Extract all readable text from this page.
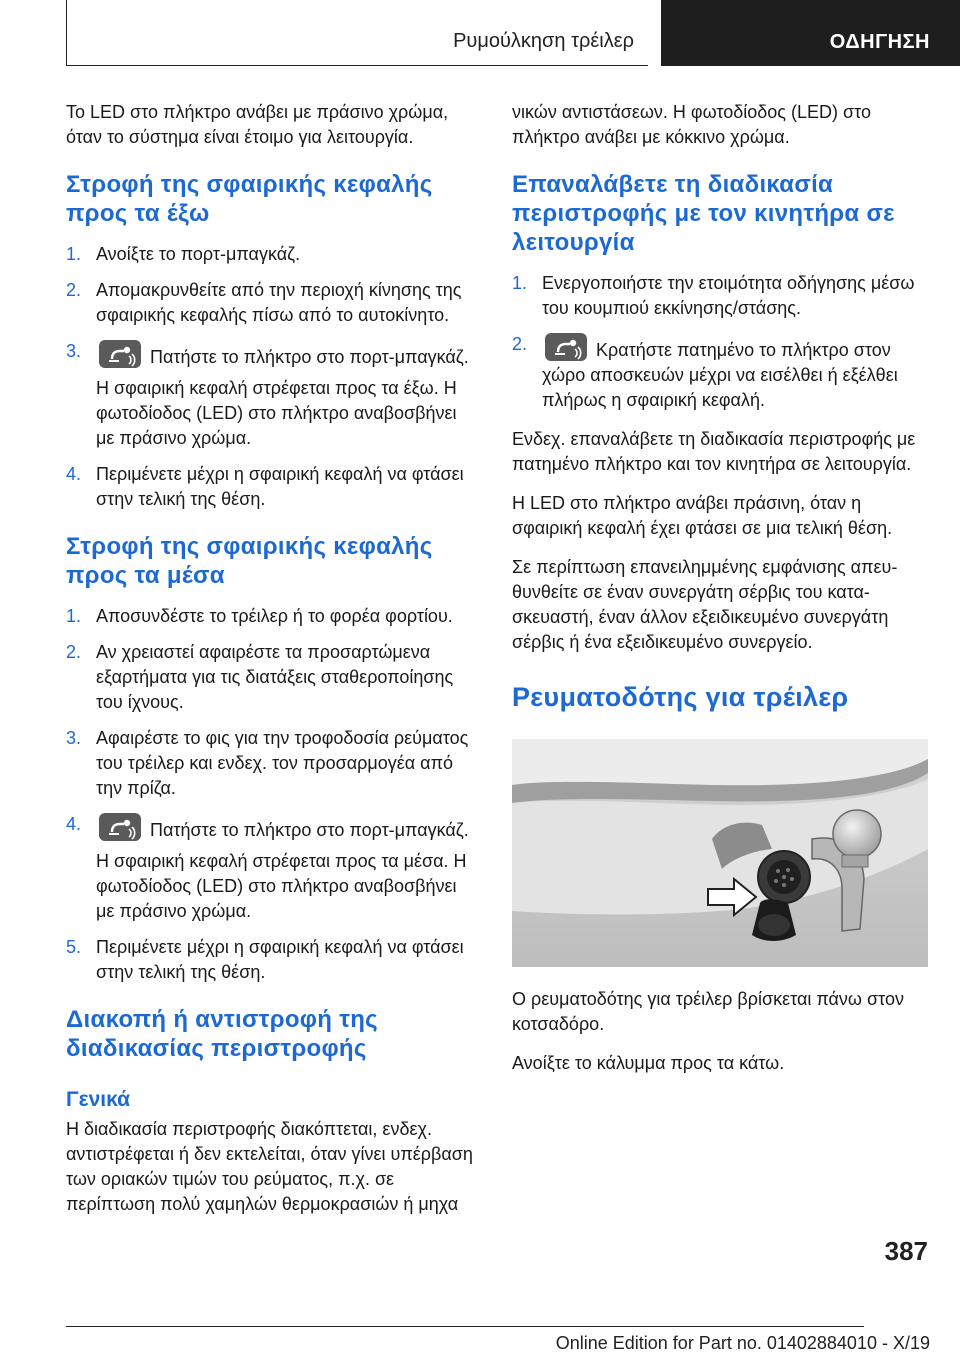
Ρυμούλκηση τρέιλερ	ΟΔΗΓΗΣΗ

Το LED στο πλήκτρο ανάβει με πράσινο χρώμα, όταν το σύστημα είναι έτοιμο για λειτουργία.

Στροφή της σφαιρικής κεφαλής προς τα έξω
1. Ανοίξτε το πορτ-μπαγκάζ.
2. Απομακρυνθείτε από την περιοχή κίνησης της σφαιρικής κεφαλής πίσω από το αυτοκίνητο.
3.	Πατήστε το πλήκτρο στο πορτ-μπαγκάζ.
Η σφαιρική κεφαλή στρέφεται προς τα έξω. Η φωτοδίοδος (LED) στο πλήκτρο αναβοσβήνει με πράσινο χρώμα.
4. Περιμένετε μέχρι η σφαιρική κεφαλή να φτάσει στην τελική της θέση.
Στροφή της σφαιρικής κεφαλής προς τα μέσα
1. Αποσυνδέστε το τρέιλερ ή το φορέα φορτίου.
2. Αν χρειαστεί αφαιρέστε τα προσαρτώμενα εξαρτήματα για τις διατάξεις σταθεροποίησης του ίχνους.
3. Αφαιρέστε το φις για την τροφοδοσία ρεύματος του τρέιλερ και ενδεχ. τον προσαρμογέα από την πρίζα.
4.	Πατήστε το πλήκτρο στο πορτ-μπαγκάζ.
Η σφαιρική κεφαλή στρέφεται προς τα μέσα. Η φωτοδίοδος (LED) στο πλήκτρο αναβοσβήνει με πράσινο χρώμα.
5. Περιμένετε μέχρι η σφαιρική κεφαλή να φτάσει στην τελική της θέση.
Διακοπή ή αντιστροφή της διαδικασίας περιστροφής
Γενικά

Η διαδικασία περιστροφής διακόπτεται, ενδεχ. αντιστρέφεται ή δεν εκτελείται, όταν γίνει υπέρβαση των οριακών τιμών του ρεύματος, π.χ. σε περίπτωση πολύ χαμηλών θερμοκρασιών ή μηχα

νικών αντιστάσεων. Η φωτοδίοδος (LED) στο πλήκτρο ανάβει με κόκκινο χρώμα.

Επαναλάβετε τη διαδικασία περιστροφής με τον κινητήρα σε λειτουργία
1. Ενεργοποιήστε την ετοιμότητα οδήγησης μέσω του κουμπιού εκκίνησης/στάσης.
2.	Κρατήστε πατημένο το πλήκτρο στον χώρο αποσκευών μέχρι να εισέλθει ή εξέλθει πλήρως η σφαιρική κεφαλή.

Ενδεχ. επαναλάβετε τη διαδικασία περιστροφής με πατημένο πλήκτρο και τον κινητήρα σε λειτουργία.

Η LED στο πλήκτρο ανάβει πράσινη, όταν η σφαιρική κεφαλή έχει φτάσει σε μια τελική θέση.

Σε περίπτωση επανειλημμένης εμφάνισης απευθυνθείτε σε έναν συνεργάτη σέρβις του κατασκευαστή, έναν άλλον εξειδικευμένο συνεργάτη σέρβις ή ένα εξειδικευμένο συνεργείο.

Ρευματοδότης για τρέιλερ

Ο ρευματοδότης για τρέιλερ βρίσκεται πάνω στον κοτσαδόρο.

Ανοίξτε το κάλυμμα προς τα κάτω.

387
Online Edition for Part no. 01402884010 - X/19
